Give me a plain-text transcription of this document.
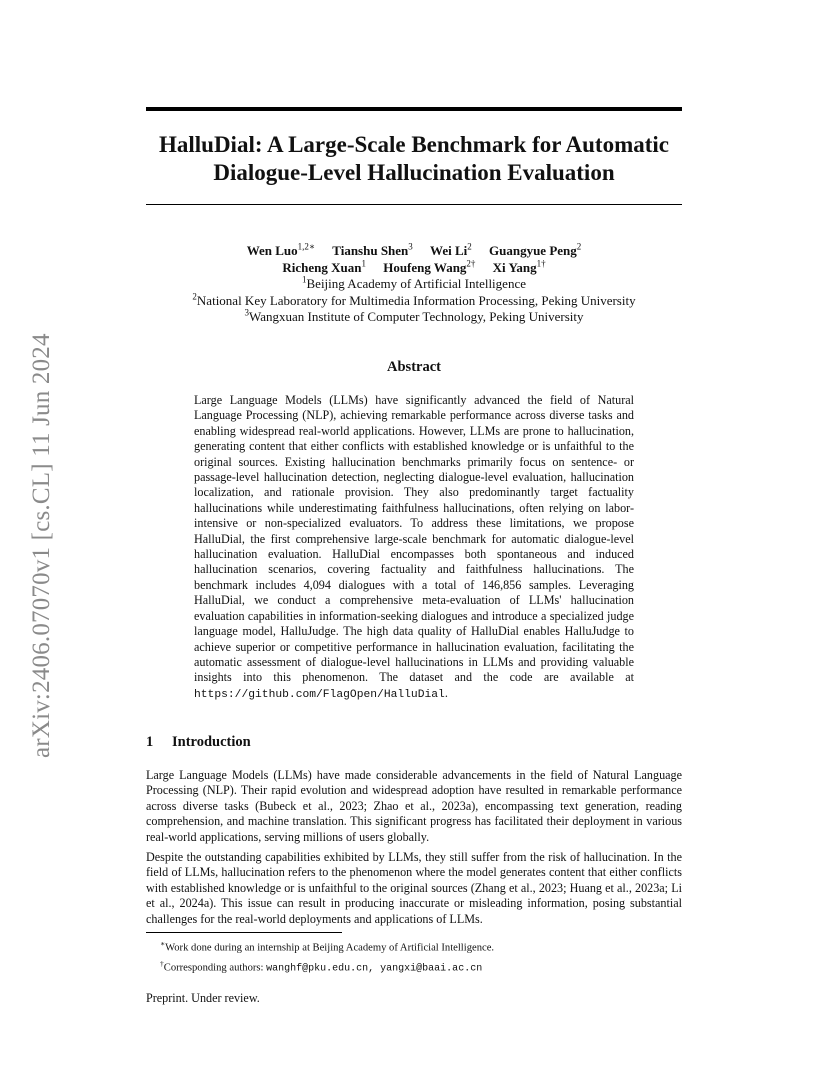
arXiv:2406.07070v1 [cs.CL] 11 Jun 2024
HalluDial: A Large-Scale Benchmark for Automatic
Dialogue-Level Hallucination Evaluation
Wen Luo$^{1,2∗}$ Tianshu Shen$^3$ Wei Li$^2$ Guangyue Peng$^2$
Richeng Xuan$^1$ Houfeng Wang$^{2\dagger}$ Xi Yang$^{1\dagger}$
$^1$Beijing Academy of Artificial Intelligence
$^2$National Key Laboratory for Multimedia Information Processing, Peking University
$^3$Wangxuan Institute of Computer Technology, Peking University
Abstract
Large Language Models (LLMs) have significantly advanced the field of Natural Language Processing (NLP), achieving remarkable performance across diverse tasks and enabling widespread real-world applications. However, LLMs are prone to hallucination, generating content that either conflicts with established knowledge or is unfaithful to the original sources. Existing hallucination benchmarks primarily focus on sentence- or passage-level hallucination detection, neglecting dialogue-level evaluation, hallucination localization, and rationale provision. They also predominantly target factuality hallucinations while underestimating faithfulness hallucinations, often relying on labor-intensive or non-specialized evaluators. To address these limitations, we propose HalluDial, the first comprehensive large-scale benchmark for automatic dialogue-level hallucination evaluation. HalluDial encompasses both spontaneous and induced hallucination scenarios, covering factuality and faithfulness hallucinations. The benchmark includes 4,094 dialogues with a total of 146,856 samples. Leveraging HalluDial, we conduct a comprehensive meta-evaluation of LLMs' hallucination evaluation capabilities in information-seeking dialogues and introduce a specialized judge language model, HalluJudge. The high data quality of HalluDial enables HalluJudge to achieve superior or competitive performance in hallucination evaluation, facilitating the automatic assessment of dialogue-level hallucinations in LLMs and providing valuable insights into this phenomenon. The dataset and the code are available at https://github.com/FlagOpen/HalluDial.
1 Introduction
Large Language Models (LLMs) have made considerable advancements in the field of Natural Language Processing (NLP). Their rapid evolution and widespread adoption have resulted in remarkable performance across diverse tasks (Bubeck et al., 2023; Zhao et al., 2023a), encompassing text generation, reading comprehension, and machine translation. This significant progress has facilitated their deployment in various real-world applications, serving millions of users globally.
Despite the outstanding capabilities exhibited by LLMs, they still suffer from the risk of hallucination. In the field of LLMs, hallucination refers to the phenomenon where the model generates content that either conflicts with established knowledge or is unfaithful to the original sources (Zhang et al., 2023; Huang et al., 2023a; Li et al., 2024a). This issue can result in producing inaccurate or misleading information, posing substantial challenges for the real-world deployments and applications of LLMs.
∗Work done during an internship at Beijing Academy of Artificial Intelligence.
†Corresponding authors: wanghf@pku.edu.cn, yangxi@baai.ac.cn
Preprint. Under review.
